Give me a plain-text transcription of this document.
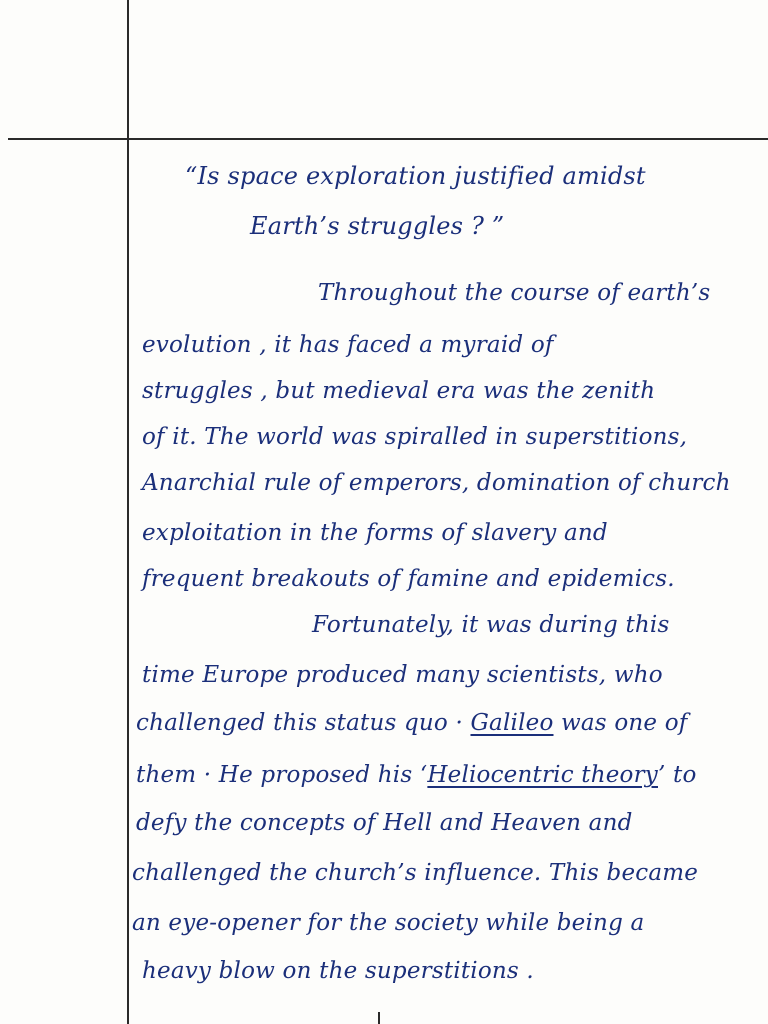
“Is space exploration justified amidst
Earth’s struggles ? ”
Throughout the course of earth’s
evolution , it has faced a myraid of
struggles , but medieval era was the zenith
of it. The world was spiralled in superstitions,
Anarchial rule of emperors, domination of church
exploitation in the forms of slavery and
frequent breakouts of famine and epidemics.
Fortunately, it was during this
time Europe produced many scientists, who
challenged this status quo · Galileo was one of
them · He proposed his ‘Heliocentric theory’ to
defy the concepts of Hell and Heaven and
challenged the church’s influence. This became
an eye-opener for the society while being a
heavy blow on the superstitions .
